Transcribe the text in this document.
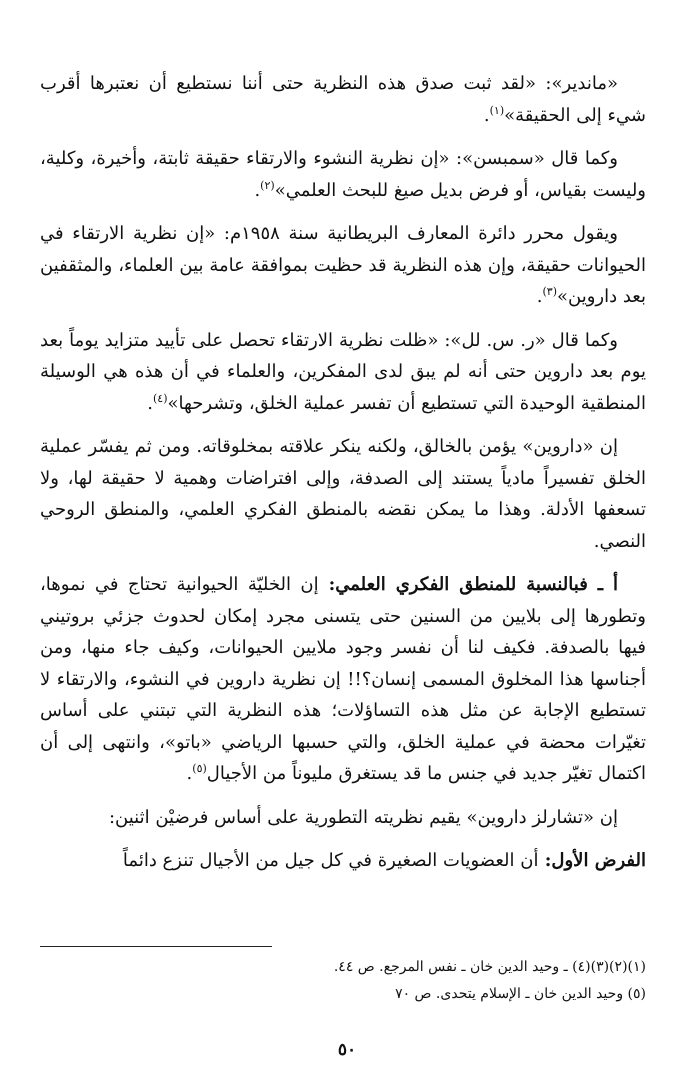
«ماندير»: «لقد ثبت صدق هذه النظرية حتى أننا نستطيع أن نعتبرها أقرب شيء إلى الحقيقة»$^{(١)}$.

وكما قال «سمبسن»: «إن نظرية النشوء والارتقاء حقيقة ثابتة، وأخيرة، وكلية، وليست بقياس، أو فرض بديل صيغ للبحث العلمي»$^{(٢)}$.

ويقول محرر دائرة المعارف البريطانية سنة ١٩٥٨م: «إن نظرية الارتقاء في الحيوانات حقيقة، وإن هذه النظرية قد حظيت بموافقة عامة بين العلماء، والمثقفين بعد داروين»$^{(٣)}$.

وكما قال «ر. س. لل»: «ظلت نظرية الارتقاء تحصل على تأييد متزايد يوماً بعد يوم بعد داروين حتى أنه لم يبق لدى المفكرين، والعلماء في أن هذه هي الوسيلة المنطقية الوحيدة التي تستطيع أن تفسر عملية الخلق، وتشرحها»$^{(٤)}$.

إن «داروين» يؤمن بالخالق، ولكنه ينكر علاقته بمخلوقاته. ومن ثم يفسّر عملية الخلق تفسيراً مادياً يستند إلى الصدفة، وإلى افتراضات وهمية لا حقيقة لها، ولا تسعفها الأدلة. وهذا ما يمكن نقضه بالمنطق الفكري العلمي، والمنطق الروحي النصي.

أ ـ فبالنسبة للمنطق الفكري العلمي: إن الخليّة الحيوانية تحتاج في نموها، وتطورها إلى بلايين من السنين حتى يتسنى مجرد إمكان لحدوث جزئي بروتيني فيها بالصدفة. فكيف لنا أن نفسر وجود ملايين الحيوانات، وكيف جاء منها، ومن أجناسها هذا المخلوق المسمى إنسان؟!! إن نظرية داروين في النشوء، والارتقاء لا تستطيع الإجابة عن مثل هذه التساؤلات؛ هذه النظرية التي تبتني على أساس تغيّرات محضة في عملية الخلق، والتي حسبها الرياضي «باتو»، وانتهى إلى أن اكتمال تغيّر جديد في جنس ما قد يستغرق مليوناً من الأجيال$^{(٥)}$.

إن «تشارلز داروين» يقيم نظريته التطورية على أساس فرضيْن اثنين:

الفرض الأول: أن العضويات الصغيرة في كل جيل من الأجيال تنزع دائماً

(١)(٢)(٣)(٤) ـ وحيد الدين خان ـ نفس المرجع. ص ٤٤.

(٥) وحيد الدين خان ـ الإسلام يتحدى. ص ٧٠

٥٠
